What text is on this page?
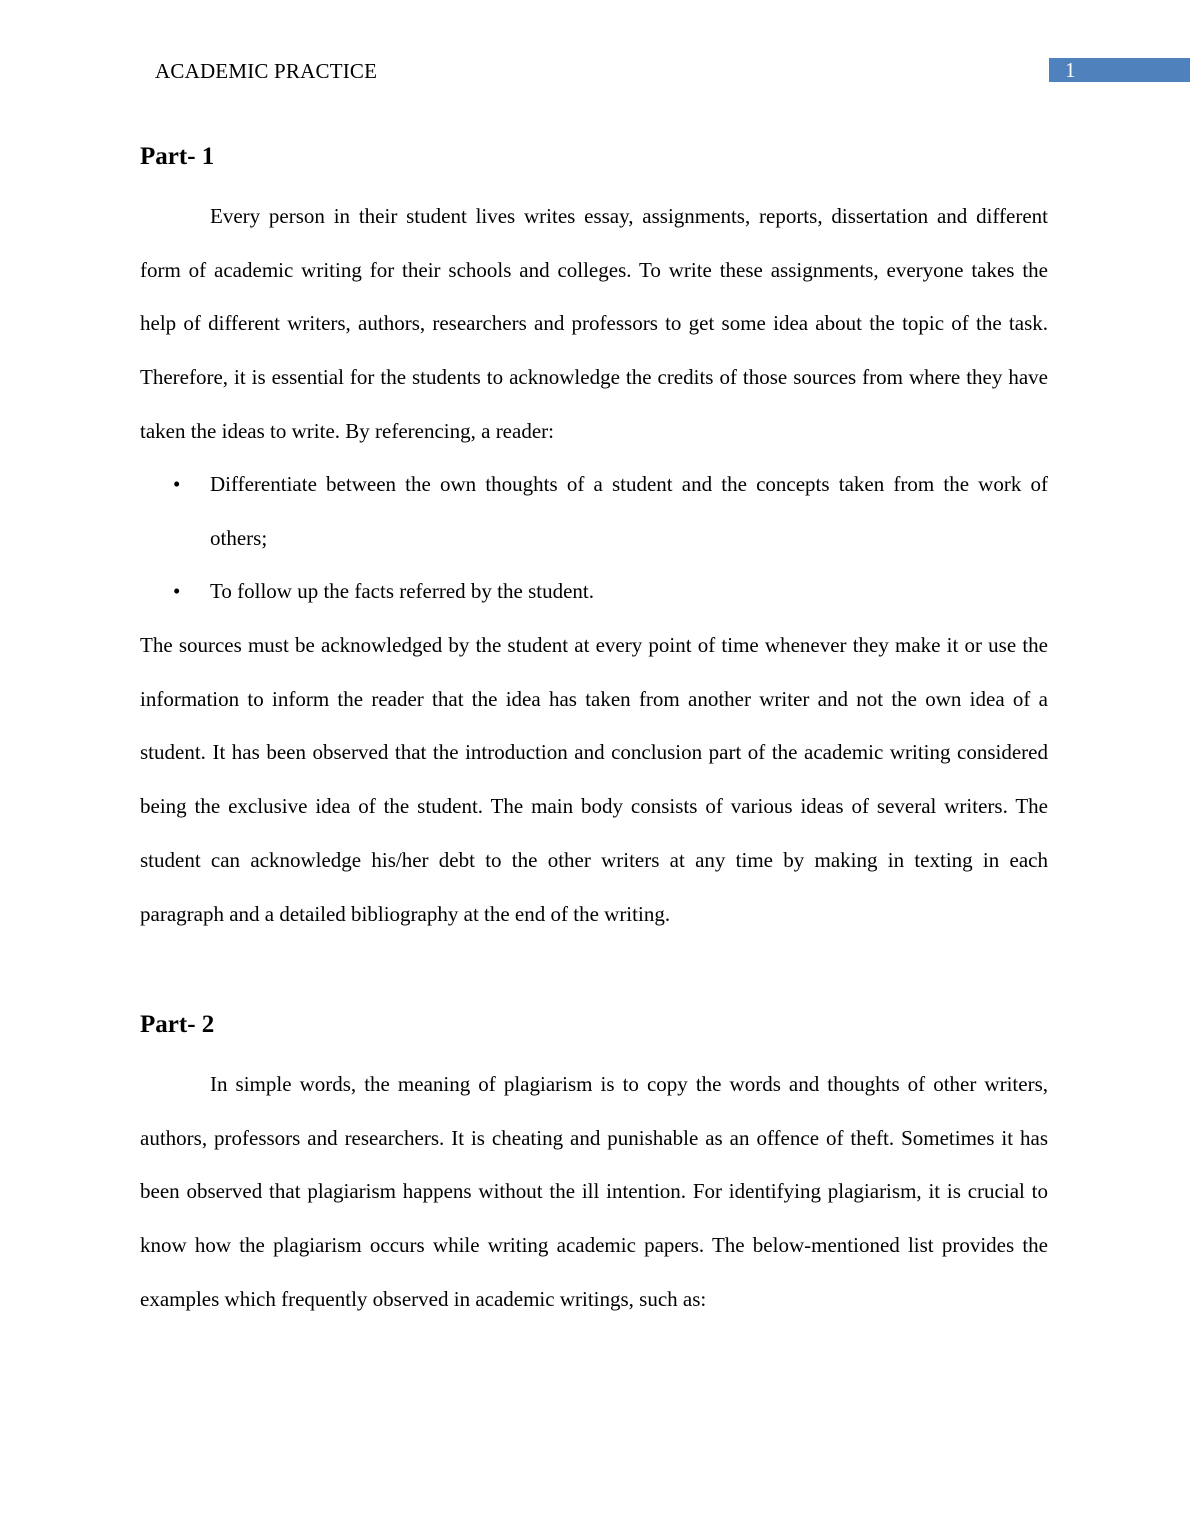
ACADEMIC PRACTICE	1
Part- 1

Every person in their student lives writes essay, assignments, reports, dissertation and different form of academic writing for their schools and colleges. To write these assignments, everyone takes the help of different writers, authors, researchers and professors to get some idea about the topic of the task. Therefore, it is essential for the students to acknowledge the credits of those sources from where they have taken the ideas to write. By referencing, a reader:

• Differentiate between the own thoughts of a student and the concepts taken from the work of others;
• To follow up the facts referred by the student.

The sources must be acknowledged by the student at every point of time whenever they make it or use the information to inform the reader that the idea has taken from another writer and not the own idea of a student. It has been observed that the introduction and conclusion part of the academic writing considered being the exclusive idea of the student. The main body consists of various ideas of several writers. The student can acknowledge his/her debt to the other writers at any time by making in texting in each paragraph and a detailed bibliography at the end of the writing.

Part- 2

In simple words, the meaning of plagiarism is to copy the words and thoughts of other writers, authors, professors and researchers. It is cheating and punishable as an offence of theft. Sometimes it has been observed that plagiarism happens without the ill intention. For identifying plagiarism, it is crucial to know how the plagiarism occurs while writing academic papers. The below-mentioned list provides the examples which frequently observed in academic writings, such as:
